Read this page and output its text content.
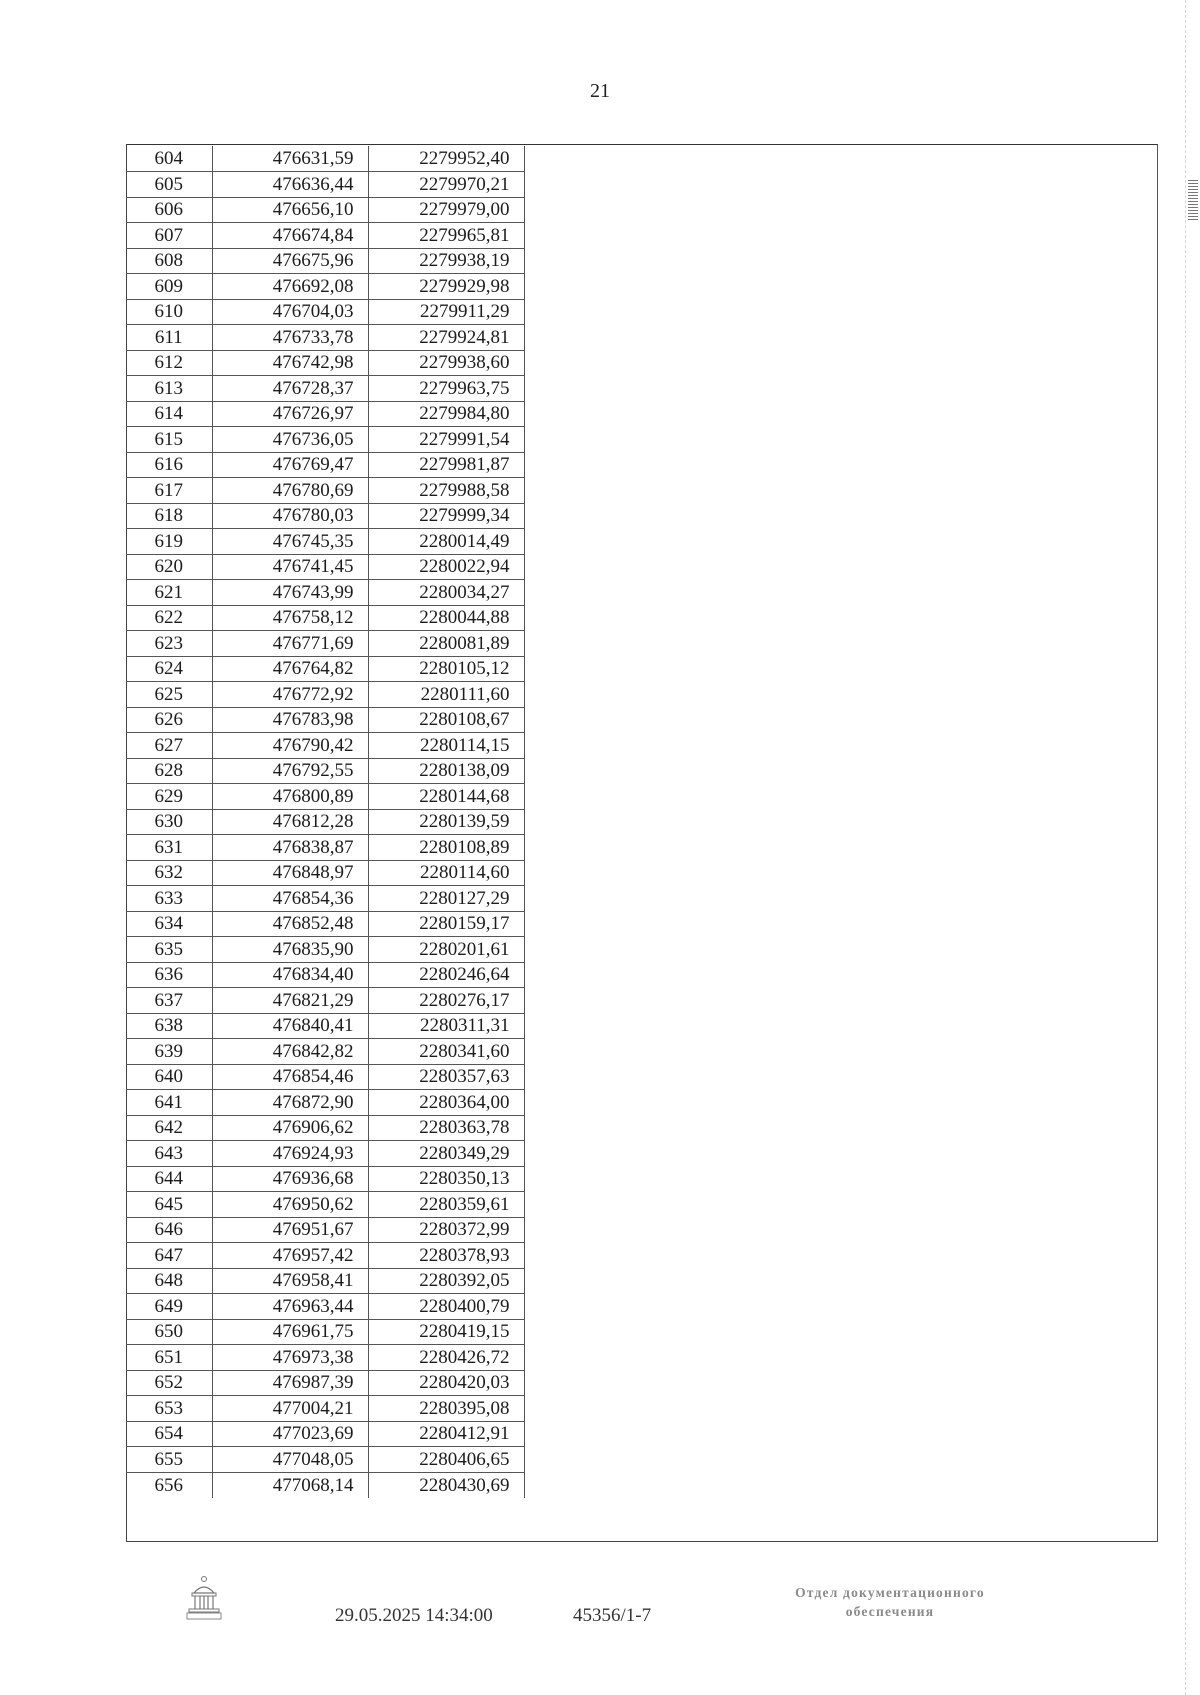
21
604	476631,59	2279952,40
605	476636,44	2279970,21
606	476656,10	2279979,00
607	476674,84	2279965,81
608	476675,96	2279938,19
609	476692,08	2279929,98
610	476704,03	2279911,29
611	476733,78	2279924,81
612	476742,98	2279938,60
613	476728,37	2279963,75
614	476726,97	2279984,80
615	476736,05	2279991,54
616	476769,47	2279981,87
617	476780,69	2279988,58
618	476780,03	2279999,34
619	476745,35	2280014,49
620	476741,45	2280022,94
621	476743,99	2280034,27
622	476758,12	2280044,88
623	476771,69	2280081,89
624	476764,82	2280105,12
625	476772,92	2280111,60
626	476783,98	2280108,67
627	476790,42	2280114,15
628	476792,55	2280138,09
629	476800,89	2280144,68
630	476812,28	2280139,59
631	476838,87	2280108,89
632	476848,97	2280114,60
633	476854,36	2280127,29
634	476852,48	2280159,17
635	476835,90	2280201,61
636	476834,40	2280246,64
637	476821,29	2280276,17
638	476840,41	2280311,31
639	476842,82	2280341,60
640	476854,46	2280357,63
641	476872,90	2280364,00
642	476906,62	2280363,78
643	476924,93	2280349,29
644	476936,68	2280350,13
645	476950,62	2280359,61
646	476951,67	2280372,99
647	476957,42	2280378,93
648	476958,41	2280392,05
649	476963,44	2280400,79
650	476961,75	2280419,15
651	476973,38	2280426,72
652	476987,39	2280420,03
653	477004,21	2280395,08
654	477023,69	2280412,91
655	477048,05	2280406,65
656	477068,14	2280430,69
29.05.2025 14:34:00	45356/1-7
Отдел документационного
обеспечения
